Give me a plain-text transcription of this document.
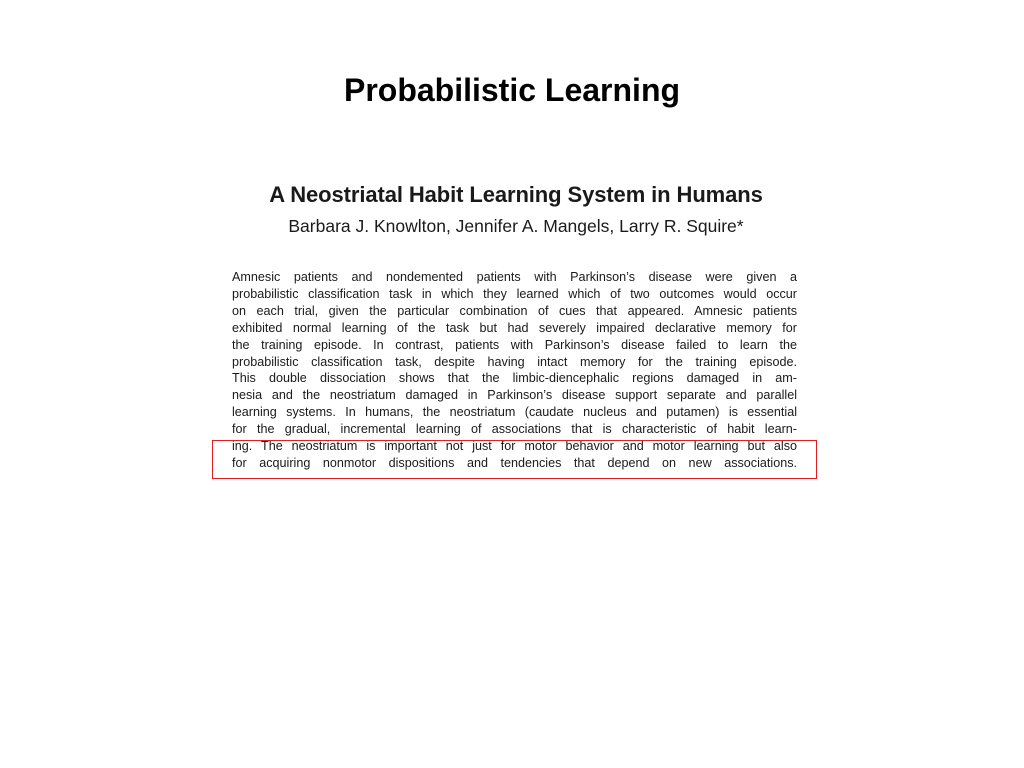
Probabilistic Learning
A Neostriatal Habit Learning System in Humans

Barbara J. Knowlton, Jennifer A. Mangels, Larry R. Squire*

Amnesic patients and nondemented patients with Parkinson’s disease were given a
probabilistic classification task in which they learned which of two outcomes would occur
on each trial, given the particular combination of cues that appeared. Amnesic patients
exhibited normal learning of the task but had severely impaired declarative memory for
the training episode. In contrast, patients with Parkinson’s disease failed to learn the
probabilistic classification task, despite having intact memory for the training episode.
This double dissociation shows that the limbic-diencephalic regions damaged in am-
nesia and the neostriatum damaged in Parkinson’s disease support separate and parallel
learning systems. In humans, the neostriatum (caudate nucleus and putamen) is essential
for the gradual, incremental learning of associations that is characteristic of habit learn-
ing. The neostriatum is important not just for motor behavior and motor learning but also
for acquiring nonmotor dispositions and tendencies that depend on new associations.
